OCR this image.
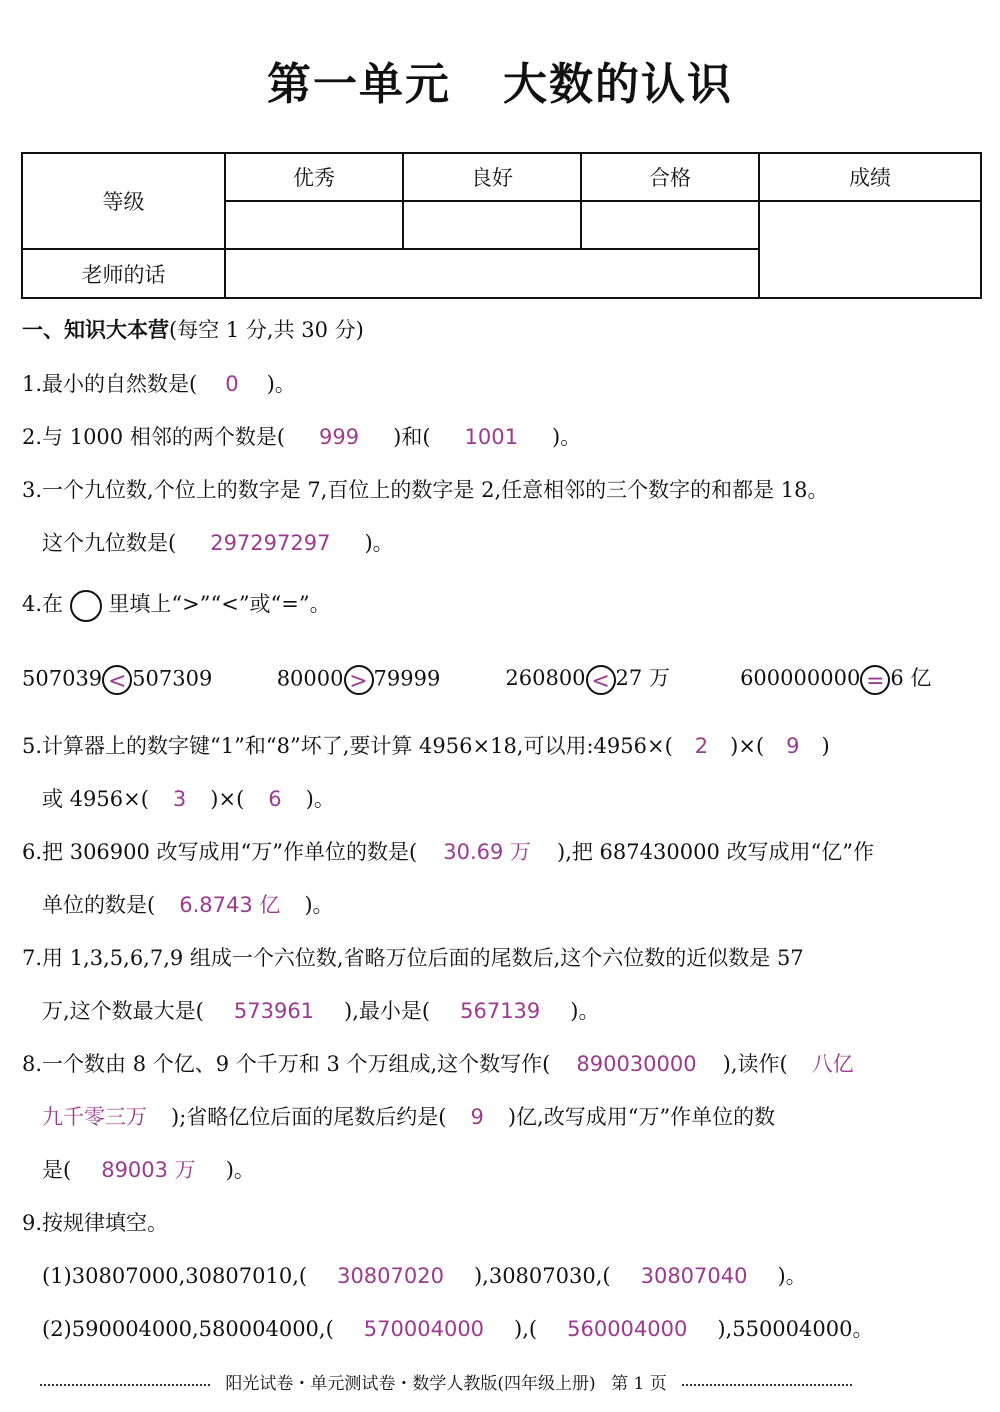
第一单元 大数的认识
等级	优秀	良好	合格	成绩

老师的话				
一、知识大本营(每空 1 分,共 30 分)
1.最小的自然数是( 0 )。
2.与 1000 相邻的两个数是( 999 )和( 1001 )。
3.一个九位数,个位上的数字是 7,百位上的数字是 2,任意相邻的三个数字的和都是 18。
这个九位数是( 297297297 )。
4.在 里填上“>”“<”或“=”。
507039 < 507309	80000 > 79999	260800 < 27 万	600000000 = 6 亿
5.计算器上的数字键“1”和“8”坏了,要计算 4956×18,可以用:4956×( 2 )×( 9 )
或 4956×( 3 )×( 6 )。
6.把 306900 改写成用“万”作单位的数是( 30.69 万 ),把 687430000 改写成用“亿”作
单位的数是( 6.8743 亿 )。
7.用 1,3,5,6,7,9 组成一个六位数,省略万位后面的尾数后,这个六位数的近似数是 57
万,这个数最大是( 573961 ),最小是( 567139 )。
8.一个数由 8 个亿、9 个千万和 3 个万组成,这个数写作( 890030000 ),读作( 八亿
九千零三万 );省略亿位后面的尾数后约是( 9 )亿,改写成用“万”作单位的数
是( 89003 万 )。
9.按规律填空。
(1)30807000,30807010,( 30807020 ),30807030,( 30807040 )。
(2)590004000,580004000,( 570004000 ),( 560004000 ),550004000。
阳光试卷・单元测试卷・数学人教版(四年级上册) 第 1 页
